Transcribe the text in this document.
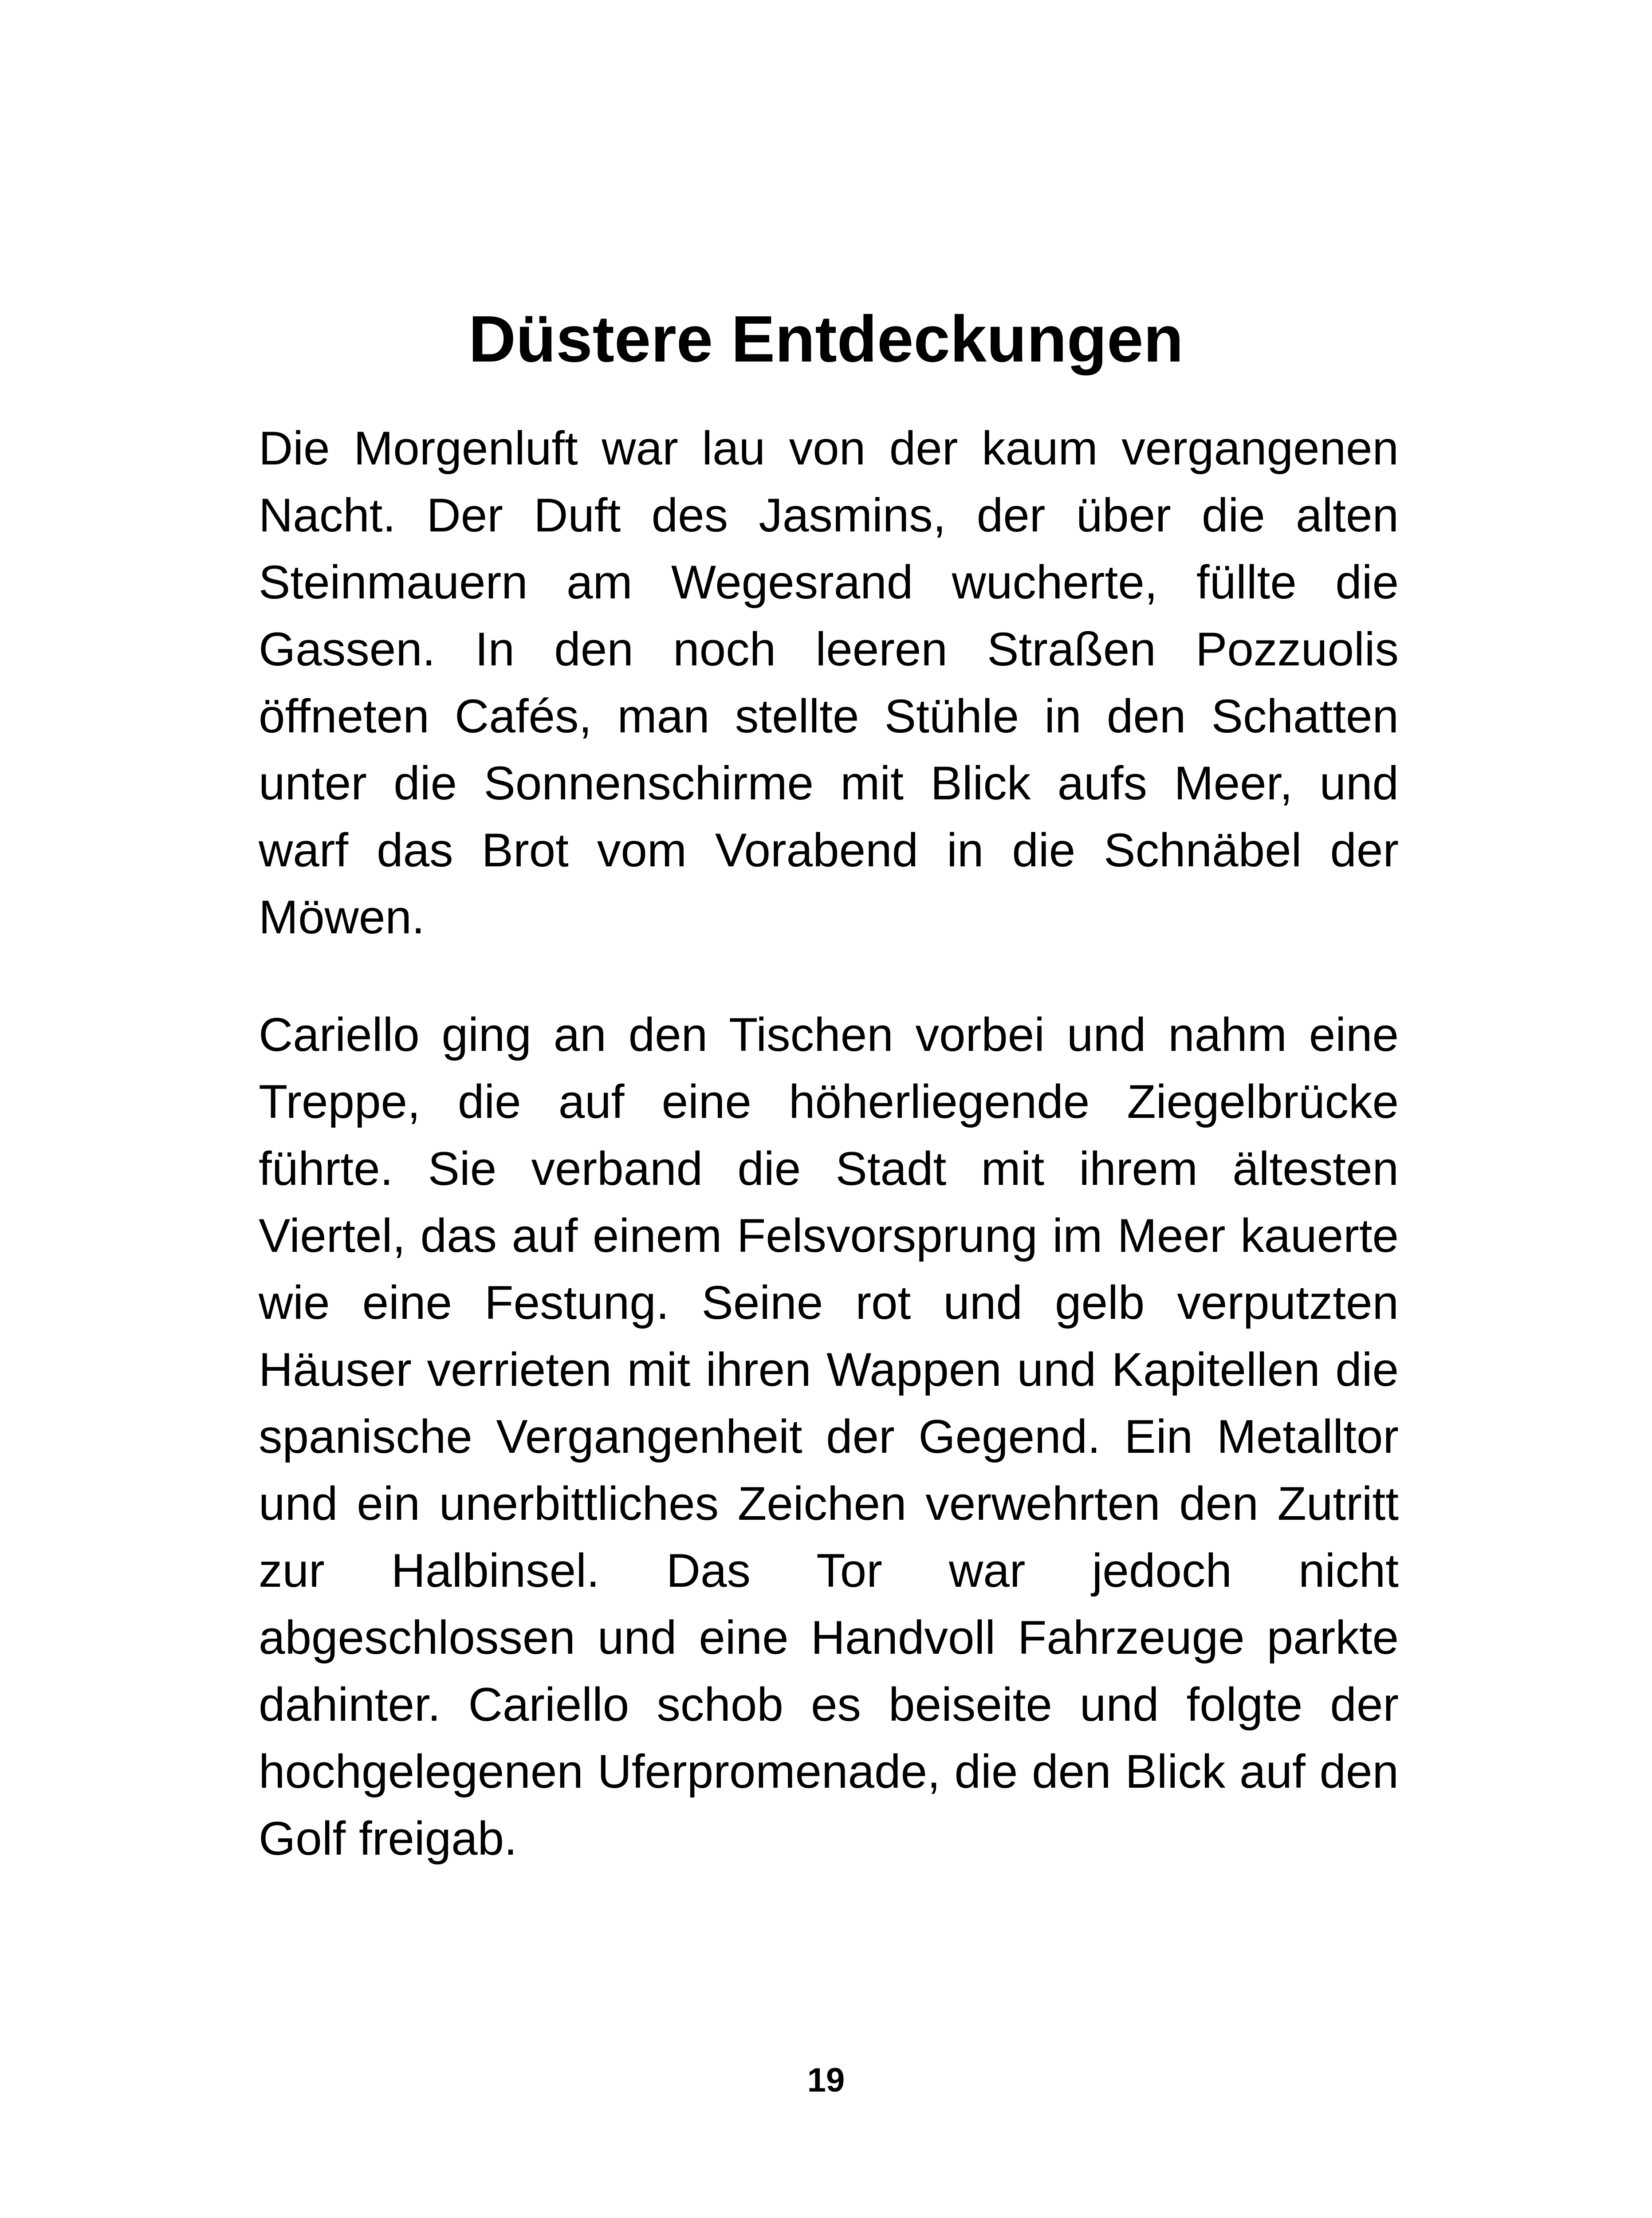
Düstere Entdeckungen

Die Morgenluft war lau von der kaum vergangenen Nacht. Der Duft des Jasmins, der über die alten Steinmauern am Wegesrand wucherte, füllte die Gassen. In den noch leeren Straßen Pozzuolis öffneten Cafés, man stellte Stühle in den Schatten unter die Sonnenschirme mit Blick aufs Meer, und warf das Brot vom Vorabend in die Schnäbel der Möwen.

Cariello ging an den Tischen vorbei und nahm eine Treppe, die auf eine höherliegende Ziegelbrücke führte. Sie verband die Stadt mit ihrem ältesten Viertel, das auf einem Felsvorsprung im Meer kauerte wie eine Festung. Seine rot und gelb verputzten Häuser verrieten mit ihren Wappen und Kapitellen die spanische Vergangenheit der Gegend. Ein Metalltor und ein unerbittliches Zeichen verwehrten den Zutritt zur Halbinsel. Das Tor war jedoch nicht abgeschlossen und eine Handvoll Fahrzeuge parkte dahinter. Cariello schob es beiseite und folgte der hochgelegenen Uferpromenade, die den Blick auf den Golf freigab.

19
